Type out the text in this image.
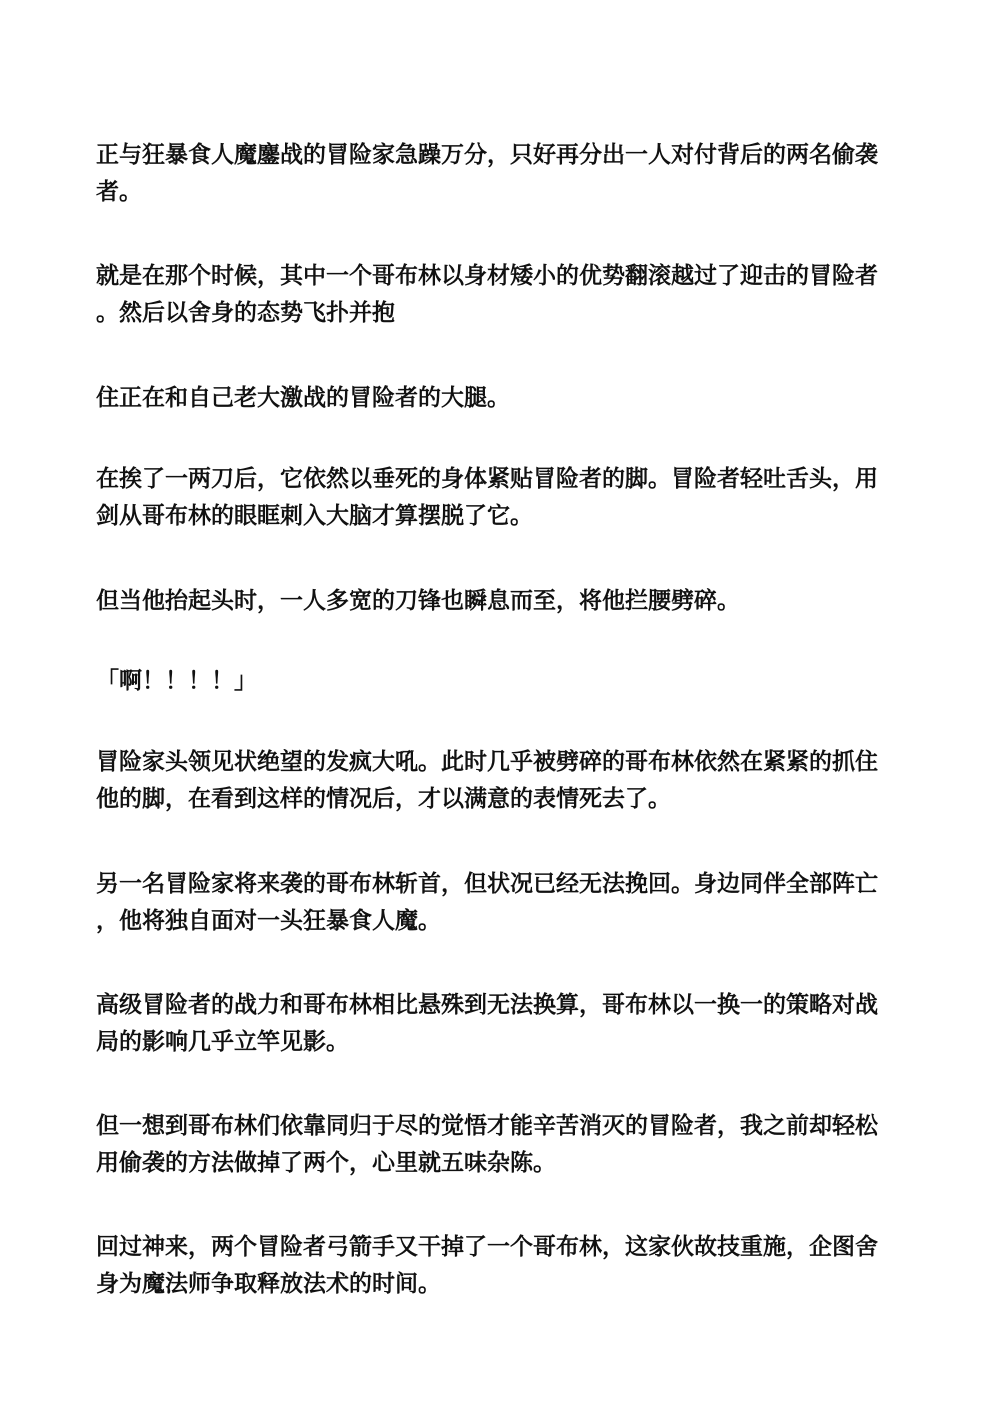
正与狂暴食人魔鏖战的冒险家急躁万分，只好再分出一人对付背后的两名偷袭
者。

就是在那个时候，其中一个哥布林以身材矮小的优势翻滚越过了迎击的冒险者
。然后以舍身的态势飞扑并抱

住正在和自己老大激战的冒险者的大腿。

在挨了一两刀后，它依然以垂死的身体紧贴冒险者的脚。冒险者轻吐舌头，用
剑从哥布林的眼眶刺入大脑才算摆脱了它。

但当他抬起头时，一人多宽的刀锋也瞬息而至，将他拦腰劈碎。

「啊！！！！」

冒险家头领见状绝望的发疯大吼。此时几乎被劈碎的哥布林依然在紧紧的抓住
他的脚，在看到这样的情况后，才以满意的表情死去了。

另一名冒险家将来袭的哥布林斩首，但状况已经无法挽回。身边同伴全部阵亡
，他将独自面对一头狂暴食人魔。

高级冒险者的战力和哥布林相比悬殊到无法换算，哥布林以一换一的策略对战
局的影响几乎立竿见影。

但一想到哥布林们依靠同归于尽的觉悟才能辛苦消灭的冒险者，我之前却轻松
用偷袭的方法做掉了两个，心里就五味杂陈。

回过神来，两个冒险者弓箭手又干掉了一个哥布林，这家伙故技重施，企图舍
身为魔法师争取释放法术的时间。
